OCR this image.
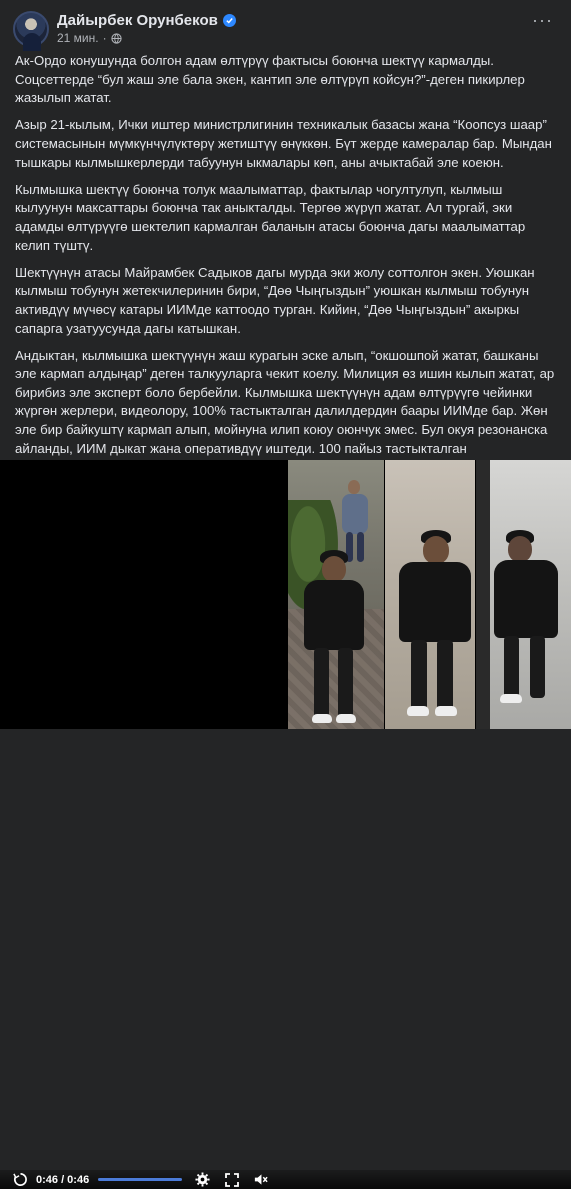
Дайырбек Орунбеков
21 мин. ·
···

Ак-Ордо конушунда болгон адам өлтүрүү фактысы боюнча шектүү кармалды. Соцсеттерде “бул жаш эле бала экен, кантип эле өлтүрүп койсун?”-деген пикирлер жазылып жатат.

Азыр 21-кылым, Ички иштер министрлигинин техникалык базасы жана “Коопсуз шаар” системасынын мүмкүнчүлүктөрү жетиштүү өнүккөн. Бүт жерде камералар бар. Мындан тышкары кылмышкерлерди табуунун ыкмалары көп, аны ачыктабай эле коеюн.

Кылмышка шектүү боюнча толук маалыматтар, фактылар чогултулуп, кылмыш кылуунун максаттары боюнча так аныкталды. Тергөө жүрүп жатат. Ал тургай, эки адамды өлтүрүүгө шектелип кармалган баланын атасы боюнча дагы маалыматтар келип түштү.

Шектүүнүн атасы Майрамбек Садыков дагы мурда эки жолу соттолгон экен. Уюшкан кылмыш тобунун жетекчилеринин бири, “Дөө Чыңгыздын” уюшкан кылмыш тобунун активдүү мүчөсү катары ИИМде каттоодо турган. Кийин, “Дөө Чыңгыздын” акыркы сапарга узатуусунда дагы катышкан.

Андыктан, кылмышка шектүүнүн жаш курагын эске алып, “окшошпой жатат, башканы эле кармап алдыңар” деген талкууларга чекит коелу. Милиция өз ишин кылып жатат, ар бирибиз эле эксперт боло бербейли. Кылмышка шектүүнүн адам өлтүрүүгө чейинки жүргөн жерлери, видеолору, 100% тастыкталган далилдердин баары ИИМде бар. Жөн эле бир байкуштү кармап алып, мойнуна илип коюу оюнчук эмес. Бул окуя резонанска айланды, ИИМ дыкат жана оперативдүү иштеди. 100 пайыз тастыкталган

0:46 / 0:46
